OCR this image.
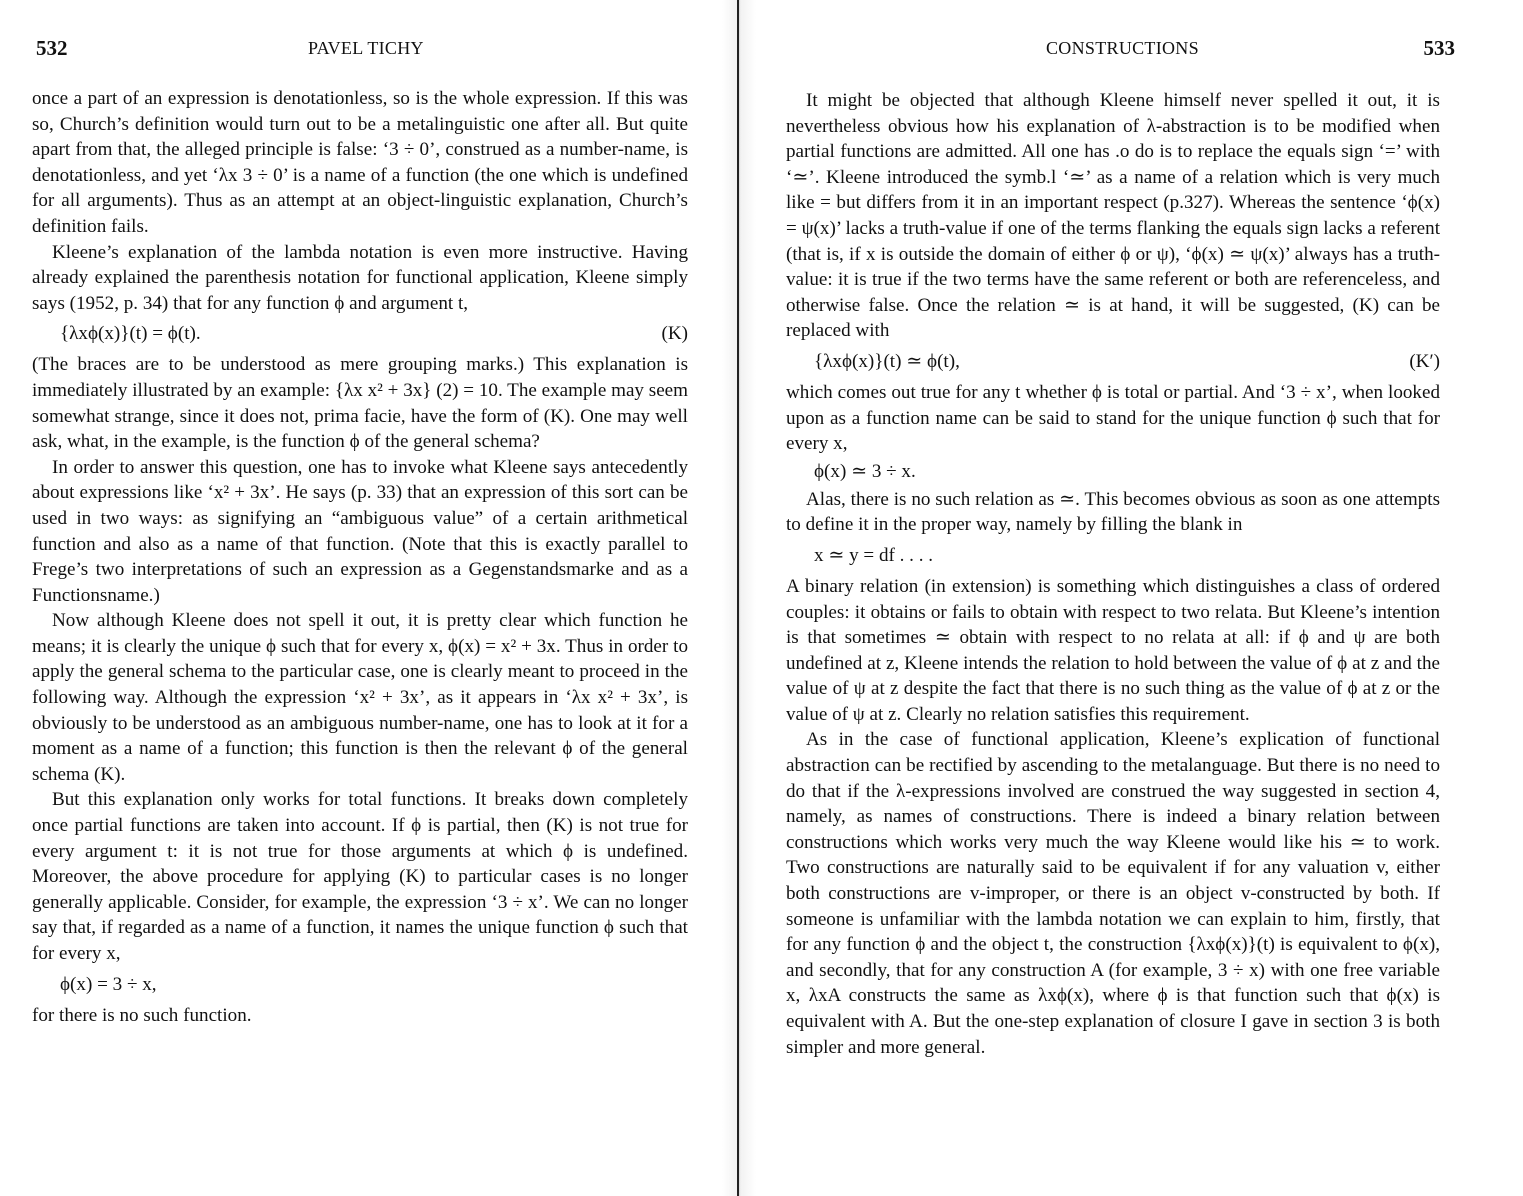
532	PAVEL TICHY

once a part of an expression is denotationless, so is the whole expression. If this was so, Church’s definition would turn out to be a metalinguistic one after all. But quite apart from that, the alleged principle is false: ‘3 ÷ 0’, construed as a number-name, is denotationless, and yet ‘λx 3 ÷ 0’ is a name of a function (the one which is undefined for all arguments). Thus as an attempt at an object-linguistic explanation, Church’s definition fails.

Kleene’s explanation of the lambda notation is even more instructive. Having already explained the parenthesis notation for functional application, Kleene simply says (1952, p. 34) that for any function ϕ and argument t,

{λxϕ(x)}(t) = ϕ(t).	(K)

(The braces are to be understood as mere grouping marks.) This explanation is immediately illustrated by an example: {λx x² + 3x} (2) = 10. The example may seem somewhat strange, since it does not, prima facie, have the form of (K). One may well ask, what, in the example, is the function ϕ of the general schema?

In order to answer this question, one has to invoke what Kleene says antecedently about expressions like ‘x² + 3x’. He says (p. 33) that an expression of this sort can be used in two ways: as signifying an “ambiguous value” of a certain arithmetical function and also as a name of that function. (Note that this is exactly parallel to Frege’s two interpretations of such an expression as a Gegenstandsmarke and as a Functionsname.)

Now although Kleene does not spell it out, it is pretty clear which function he means; it is clearly the unique ϕ such that for every x, ϕ(x) = x² + 3x. Thus in order to apply the general schema to the particular case, one is clearly meant to proceed in the following way. Although the expression ‘x² + 3x’, as it appears in ‘λx x² + 3x’, is obviously to be understood as an ambiguous number-name, one has to look at it for a moment as a name of a function; this function is then the relevant ϕ of the general schema (K).

But this explanation only works for total functions. It breaks down completely once partial functions are taken into account. If ϕ is partial, then (K) is not true for every argument t: it is not true for those arguments at which ϕ is undefined. Moreover, the above procedure for applying (K) to particular cases is no longer generally applicable. Consider, for example, the expression ‘3 ÷ x’. We can no longer say that, if regarded as a name of a function, it names the unique function ϕ such that for every x,

ϕ(x) = 3 ÷ x,

for there is no such function.

CONSTRUCTIONS	533

It might be objected that although Kleene himself never spelled it out, it is nevertheless obvious how his explanation of λ-abstraction is to be modified when partial functions are admitted. All one has .o do is to replace the equals sign ‘=’ with ‘≃’. Kleene introduced the symb.l ‘≃’ as a name of a relation which is very much like = but differs from it in an important respect (p.327). Whereas the sentence ‘ϕ(x) = ψ(x)’ lacks a truth-value if one of the terms flanking the equals sign lacks a referent (that is, if x is outside the domain of either ϕ or ψ), ‘ϕ(x) ≃ ψ(x)’ always has a truth-value: it is true if the two terms have the same referent or both are referenceless, and otherwise false. Once the relation ≃ is at hand, it will be suggested, (K) can be replaced with

{λxϕ(x)}(t) ≃ ϕ(t),	(K′)

which comes out true for any t whether ϕ is total or partial. And ‘3 ÷ x’, when looked upon as a function name can be said to stand for the unique function ϕ such that for every x,

ϕ(x) ≃ 3 ÷ x.

Alas, there is no such relation as ≃. This becomes obvious as soon as one attempts to define it in the proper way, namely by filling the blank in

x ≃ y = df . . . .

A binary relation (in extension) is something which distinguishes a class of ordered couples: it obtains or fails to obtain with respect to two relata. But Kleene’s intention is that sometimes ≃ obtain with respect to no relata at all: if ϕ and ψ are both undefined at z, Kleene intends the relation to hold between the value of ϕ at z and the value of ψ at z despite the fact that there is no such thing as the value of ϕ at z or the value of ψ at z. Clearly no relation satisfies this requirement.

As in the case of functional application, Kleene’s explication of functional abstraction can be rectified by ascending to the metalanguage. But there is no need to do that if the λ-expressions involved are construed the way suggested in section 4, namely, as names of constructions. There is indeed a binary relation between constructions which works very much the way Kleene would like his ≃ to work. Two constructions are naturally said to be equivalent if for any valuation v, either both constructions are v-improper, or there is an object v-constructed by both. If someone is unfamiliar with the lambda notation we can explain to him, firstly, that for any function ϕ and the object t, the construction {λxϕ(x)}(t) is equivalent to ϕ(x), and secondly, that for any construction A (for example, 3 ÷ x) with one free variable x, λxA constructs the same as λxϕ(x), where ϕ is that function such that ϕ(x) is equivalent with A. But the one-step explanation of closure I gave in section 3 is both simpler and more general.
